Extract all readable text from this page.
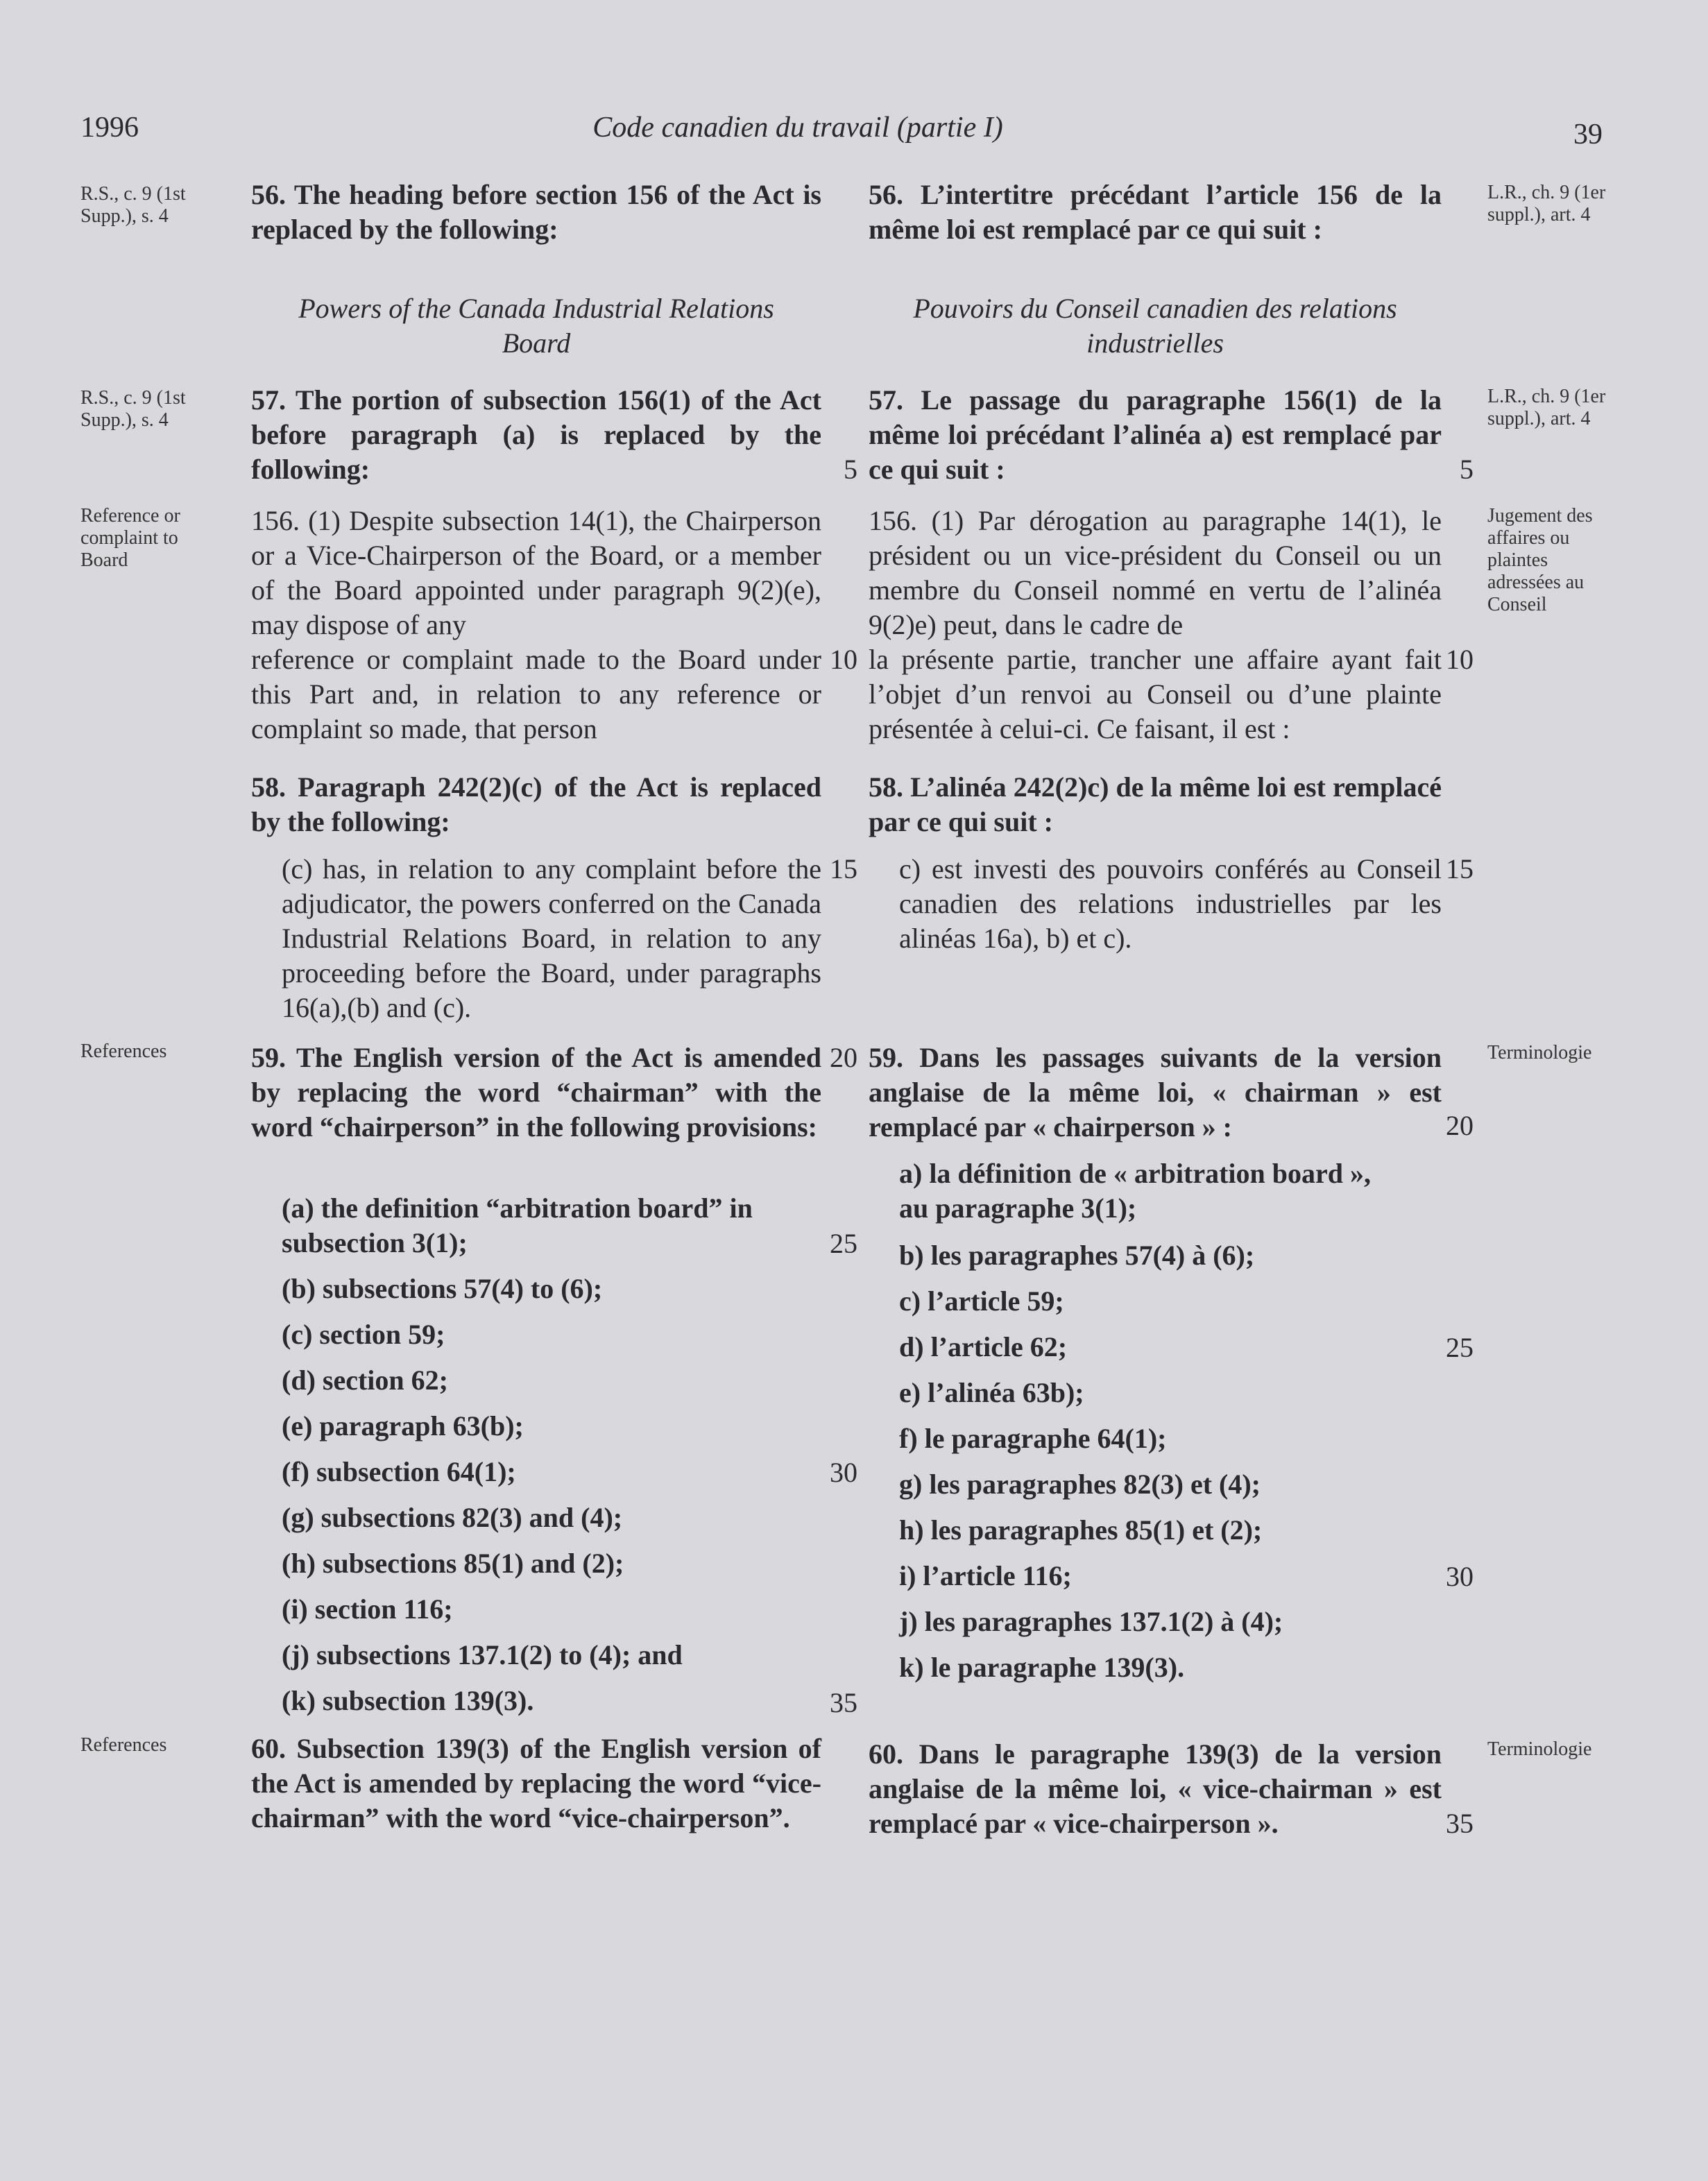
1996	Code canadien du travail (partie I)	39
R.S., c. 9 (1st Supp.), s. 4
R.S., c. 9 (1st Supp.), s. 4
Reference or complaint to Board
References
References
L.R., ch. 9 (1er suppl.), art. 4
L.R., ch. 9 (1er suppl.), art. 4
Jugement des affaires ou plaintes adressées au Conseil
Terminologie
Terminologie
56. The heading before section 156 of the Act is replaced by the following:
56. L’intertitre précédant l’article 156 de la même loi est remplacé par ce qui suit :
Powers of the Canada Industrial Relations Board
Pouvoirs du Conseil canadien des relations industrielles
57. The portion of subsection 156(1) of the Act before paragraph (a) is replaced by the following:
57. Le passage du paragraphe 156(1) de la même loi précédant l’alinéa a) est remplacé par ce qui suit :
156. (1) Despite subsection 14(1), the Chairperson or a Vice-Chairperson of the Board, or a member of the Board appointed under paragraph 9(2)(e), may dispose of any
reference or complaint made to the Board under this Part and, in relation to any reference or complaint so made, that person
156. (1) Par dérogation au paragraphe 14(1), le président ou un vice-président du Conseil ou un membre du Conseil nommé en vertu de l’alinéa 9(2)e) peut, dans le cadre de
la présente partie, trancher une affaire ayant fait l’objet d’un renvoi au Conseil ou d’une plainte présentée à celui-ci. Ce faisant, il est :
58. Paragraph 242(2)(c) of the Act is replaced by the following:
58. L’alinéa 242(2)c) de la même loi est remplacé par ce qui suit :
(c) has, in relation to any complaint before the adjudicator, the powers conferred on the Canada Industrial Relations Board, in relation to any proceeding before the Board, under paragraphs 16(a),(b) and (c).
c) est investi des pouvoirs conférés au Conseil canadien des relations industrielles par les alinéas 16a), b) et c).
59. The English version of the Act is amended by replacing the word “chairman” with the word “chairperson” in the following provisions:
59. Dans les passages suivants de la version anglaise de la même loi, « chairman » est remplacé par « chairperson » :
(a) the definition “arbitration board” in
subsection 3(1);
(b) subsections 57(4) to (6);
(c) section 59;
(d) section 62;
(e) paragraph 63(b);
(f) subsection 64(1);
(g) subsections 82(3) and (4);
(h) subsections 85(1) and (2);
(i) section 116;
(j) subsections 137.1(2) to (4); and
(k) subsection 139(3).
a) la définition de « arbitration board »,
au paragraphe 3(1);
b) les paragraphes 57(4) à (6);
c) l’article 59;
d) l’article 62;
e) l’alinéa 63b);
f) le paragraphe 64(1);
g) les paragraphes 82(3) et (4);
h) les paragraphes 85(1) et (2);
i) l’article 116;
j) les paragraphes 137.1(2) à (4);
k) le paragraphe 139(3).
60. Subsection 139(3) of the English version of the Act is amended by replacing the word “vice-chairman” with the word “vice-chairperson”.
60. Dans le paragraphe 139(3) de la version anglaise de la même loi, « vice-chairman » est remplacé par « vice-chairperson ».
5
10
15
20
25
30
35
5
10
15
20
25
30
35
